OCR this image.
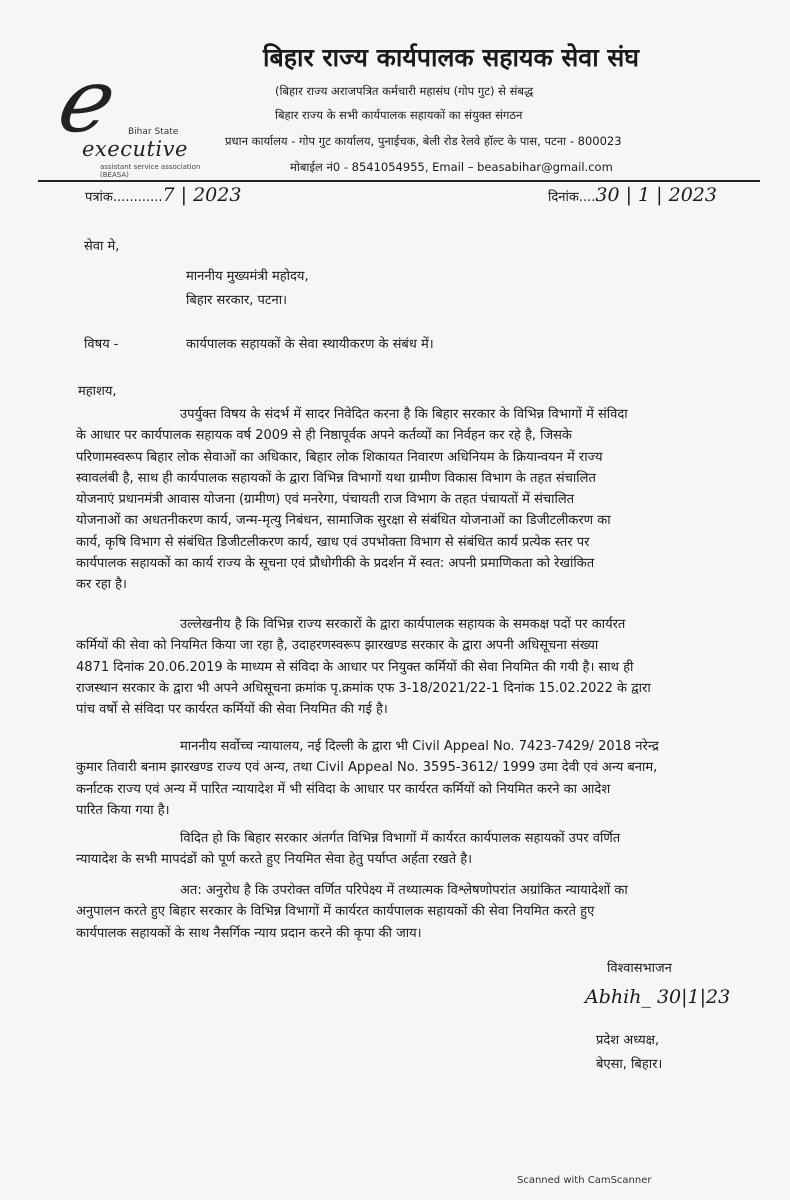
ℯ Bihar State
executive
assistant service association (BEASA)
बिहार राज्य कार्यपालक सहायक सेवा संघ
(बिहार राज्य अराजपत्रित कर्मचारी महासंघ (गोप गुट) से संबद्ध
बिहार राज्य के सभी कार्यपालक सहायकों का संयुक्त संगठन
प्रधान कार्यालय - गोप गुट कार्यालय, पुनाईचक, बेली रोड रेलवे हॉल्ट के पास, पटना - 800023
मोबाईल नं0 - 8541054955, Email – beasabihar@gmail.com
पत्रांक............7 | 2023	दिनांक....30 | 1 | 2023
सेवा मे,
माननीय मुख्यमंत्री महोदय,
बिहार सरकार, पटना।
विषय -	कार्यपालक सहायकों के सेवा स्थायीकरण के संबंध में।
महाशय,
उपर्युक्त विषय के संदर्भ में सादर निवेदित करना है कि बिहार सरकार के विभिन्न विभागों में संविदा
के आधार पर कार्यपालक सहायक वर्ष 2009 से ही निष्ठापूर्वक अपने कर्तव्यों का निर्वहन कर रहे है, जिसके
परिणामस्वरूप बिहार लोक सेवाओं का अधिकार, बिहार लोक शिकायत निवारण अधिनियम के क्रियान्वयन में राज्य
स्वावलंबी है, साथ ही कार्यपालक सहायकों के द्वारा विभिन्न विभागों यथा ग्रामीण विकास विभाग के तहत संचालित
योजनाएं प्रधानमंत्री आवास योजना (ग्रामीण) एवं मनरेगा, पंचायती राज विभाग के तहत पंचायतों में संचालित
योजनाओं का अधतनीकरण कार्य, जन्म-मृत्यु निबंधन, सामाजिक सुरक्षा से संबंधित योजनाओं का डिजीटलीकरण का
कार्य, कृषि विभाग से संबंधित डिजीटलीकरण कार्य, खाध एवं उपभोक्ता विभाग से संबंधित कार्य प्रत्येक स्तर पर
कार्यपालक सहायकों का कार्य राज्य के सूचना एवं प्रौधोगीकी के प्रदर्शन में स्वत: अपनी प्रमाणिकता को रेखांकित
कर रहा है।
उल्लेखनीय है कि विभिन्न राज्य सरकारों के द्वारा कार्यपालक सहायक के समकक्ष पदों पर कार्यरत
कर्मियों की सेवा को नियमित किया जा रहा है, उदाहरणस्वरूप झारखण्ड सरकार के द्वारा अपनी अधिसूचना संख्या
4871 दिनांक 20.06.2019 के माध्यम से संविदा के आधार पर नियुक्त कर्मियों की सेवा नियमित की गयी है। साथ ही
राजस्थान सरकार के द्वारा भी अपने अधिसूचना क्रमांक पृ.क्रमांक एफ 3-18/2021/22-1 दिनांक 15.02.2022 के द्वारा
पांच वर्षो से संविदा पर कार्यरत कर्मियों की सेवा नियमित की गई है।
माननीय सर्वोच्च न्यायालय, नई दिल्ली के द्वारा भी Civil Appeal No. 7423-7429/ 2018 नरेन्द्र
कुमार तिवारी बनाम झारखण्ड राज्य एवं अन्य, तथा Civil Appeal No. 3595-3612/ 1999 उमा देवी एवं अन्य बनाम,
कर्नाटक राज्य एवं अन्य में पारित न्यायादेश में भी संविदा के आधार पर कार्यरत कर्मियों को नियमित करने का आदेश
पारित किया गया है।
विदित हो कि बिहार सरकार अंतर्गत विभिन्न विभागों में कार्यरत कार्यपालक सहायकों उपर वर्णित
न्यायादेश के सभी मापदंडों को पूर्ण करते हुए नियमित सेवा हेतु पर्याप्त अर्हता रखते है।
अत: अनुरोध है कि उपरोक्त वर्णित परिपेक्ष्य में तथ्यात्मक विश्लेषणोपरांत अग्रांकित न्यायादेशों का
अनुपालन करते हुए बिहार सरकार के विभिन्न विभागों में कार्यरत कार्यपालक सहायकों की सेवा नियमित करते हुए
कार्यपालक सहायकों के साथ नैसर्गिक न्याय प्रदान करने की कृपा की जाय।
विश्वासभाजन
Abhih_ 30|1|23
प्रदेश अध्यक्ष,
बेएसा, बिहार।
Scanned with CamScanner
